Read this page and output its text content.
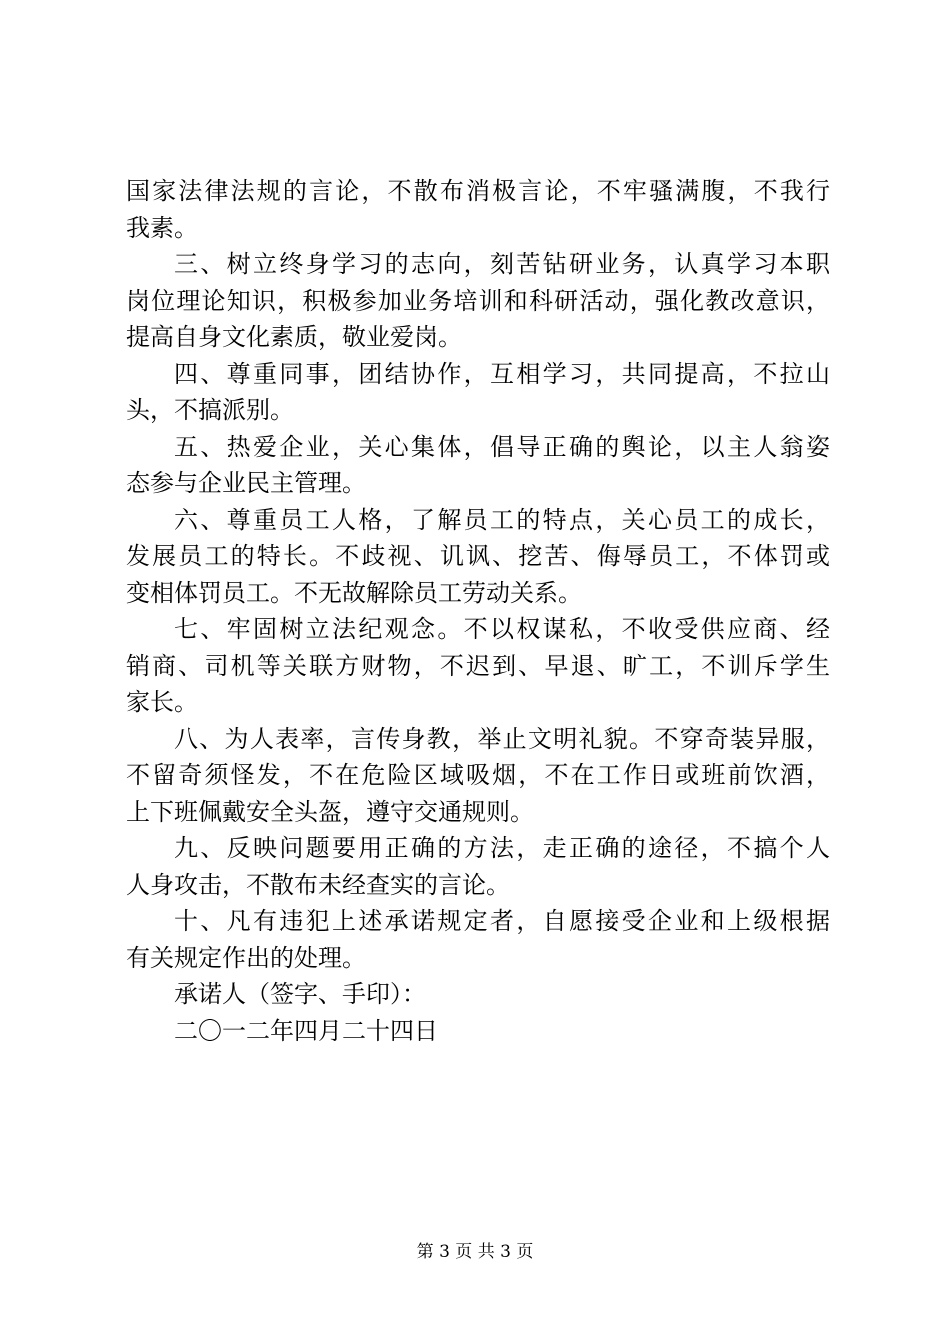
国家法律法规的言论，不散布消极言论，不牢骚满腹，不我行
我素。
三、树立终身学习的志向，刻苦钻研业务，认真学习本职
岗位理论知识，积极参加业务培训和科研活动，强化教改意识，
提高自身文化素质，敬业爱岗。
四、尊重同事，团结协作，互相学习，共同提高，不拉山
头，不搞派别。
五、热爱企业，关心集体，倡导正确的舆论，以主人翁姿
态参与企业民主管理。
六、尊重员工人格，了解员工的特点，关心员工的成长，
发展员工的特长。不歧视、讥讽、挖苦、侮辱员工，不体罚或
变相体罚员工。不无故解除员工劳动关系。
七、牢固树立法纪观念。不以权谋私，不收受供应商、经
销商、司机等关联方财物，不迟到、早退、旷工，不训斥学生
家长。
八、为人表率，言传身教，举止文明礼貌。不穿奇装异服，
不留奇须怪发，不在危险区域吸烟，不在工作日或班前饮酒，
上下班佩戴安全头盔，遵守交通规则。
九、反映问题要用正确的方法，走正确的途径，不搞个人
人身攻击，不散布未经查实的言论。
十、凡有违犯上述承诺规定者，自愿接受企业和上级根据
有关规定作出的处理。
承诺人（签字、手印）：
二〇一二年四月二十四日
第 3 页 共 3 页
